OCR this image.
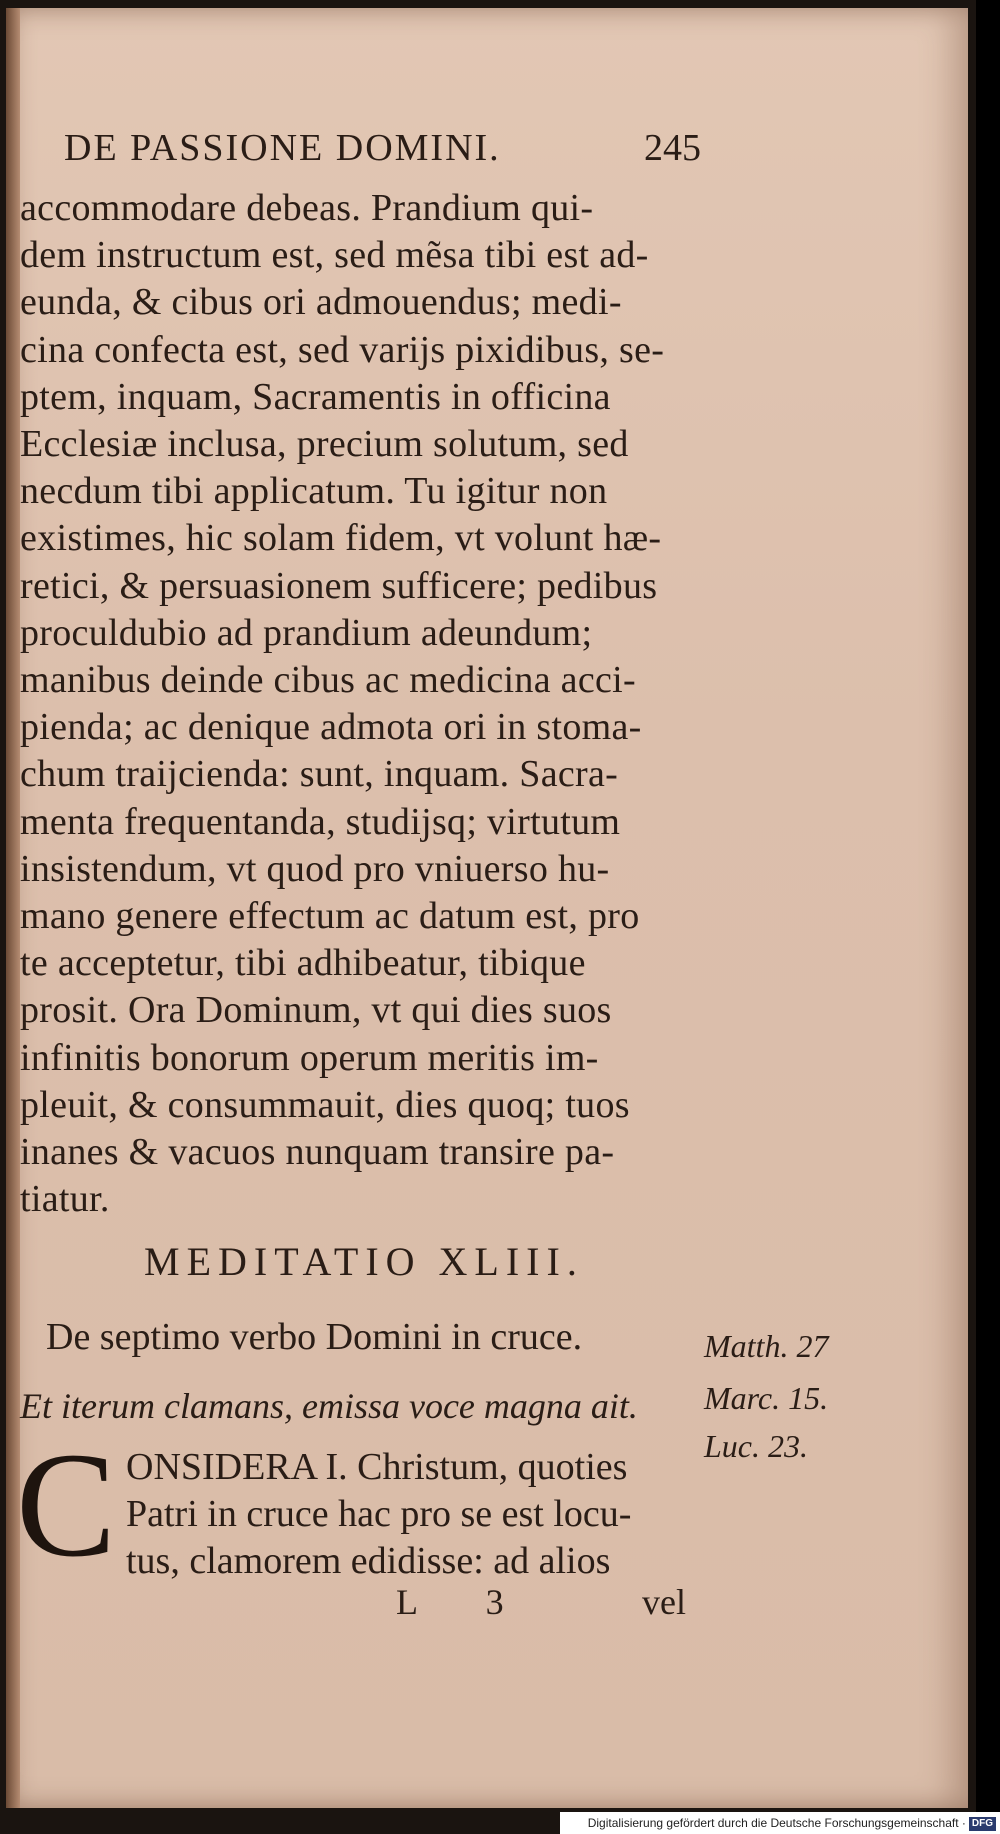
DE PASSIONE DOMINI.	245
accommodare debeas. Prandium qui-
dem instructum est, sed mẽsa tibi est ad-
eunda, & cibus ori admouendus; medi-
cina confecta est, sed varijs pixidibus, se-
ptem, inquam, Sacramentis in officina
Ecclesiæ inclusa, precium solutum, sed
necdum tibi applicatum. Tu igitur non
existimes, hic solam fidem, vt volunt hæ-
retici, & persuasionem sufficere; pedibus
proculdubio ad prandium adeundum;
manibus deinde cibus ac medicina acci-
pienda; ac denique admota ori in stoma-
chum traijcienda: sunt, inquam. Sacra-
menta frequentanda, studijsq; virtutum
insistendum, vt quod pro vniuerso hu-
mano genere effectum ac datum est, pro
te acceptetur, tibi adhibeatur, tibique
prosit. Ora Dominum, vt qui dies suos
infinitis bonorum operum meritis im-
pleuit, & consummauit, dies quoq; tuos
inanes & vacuos nunquam transire pa-
tiatur.
MEDITATIO XLIII.
De septimo verbo Domini in cruce.
Et iterum clamans, emissa voce magna ait.
Matth. 27
Marc. 15.
Luc. 23.
C ONSIDERA I. Christum, quoties
Patri in cruce hac pro se est locu-
tus, clamorem edidisse: ad alios
L 3	vel
Digitalisierung gefördert durch die Deutsche Forschungsgemeinschaft · DFG
